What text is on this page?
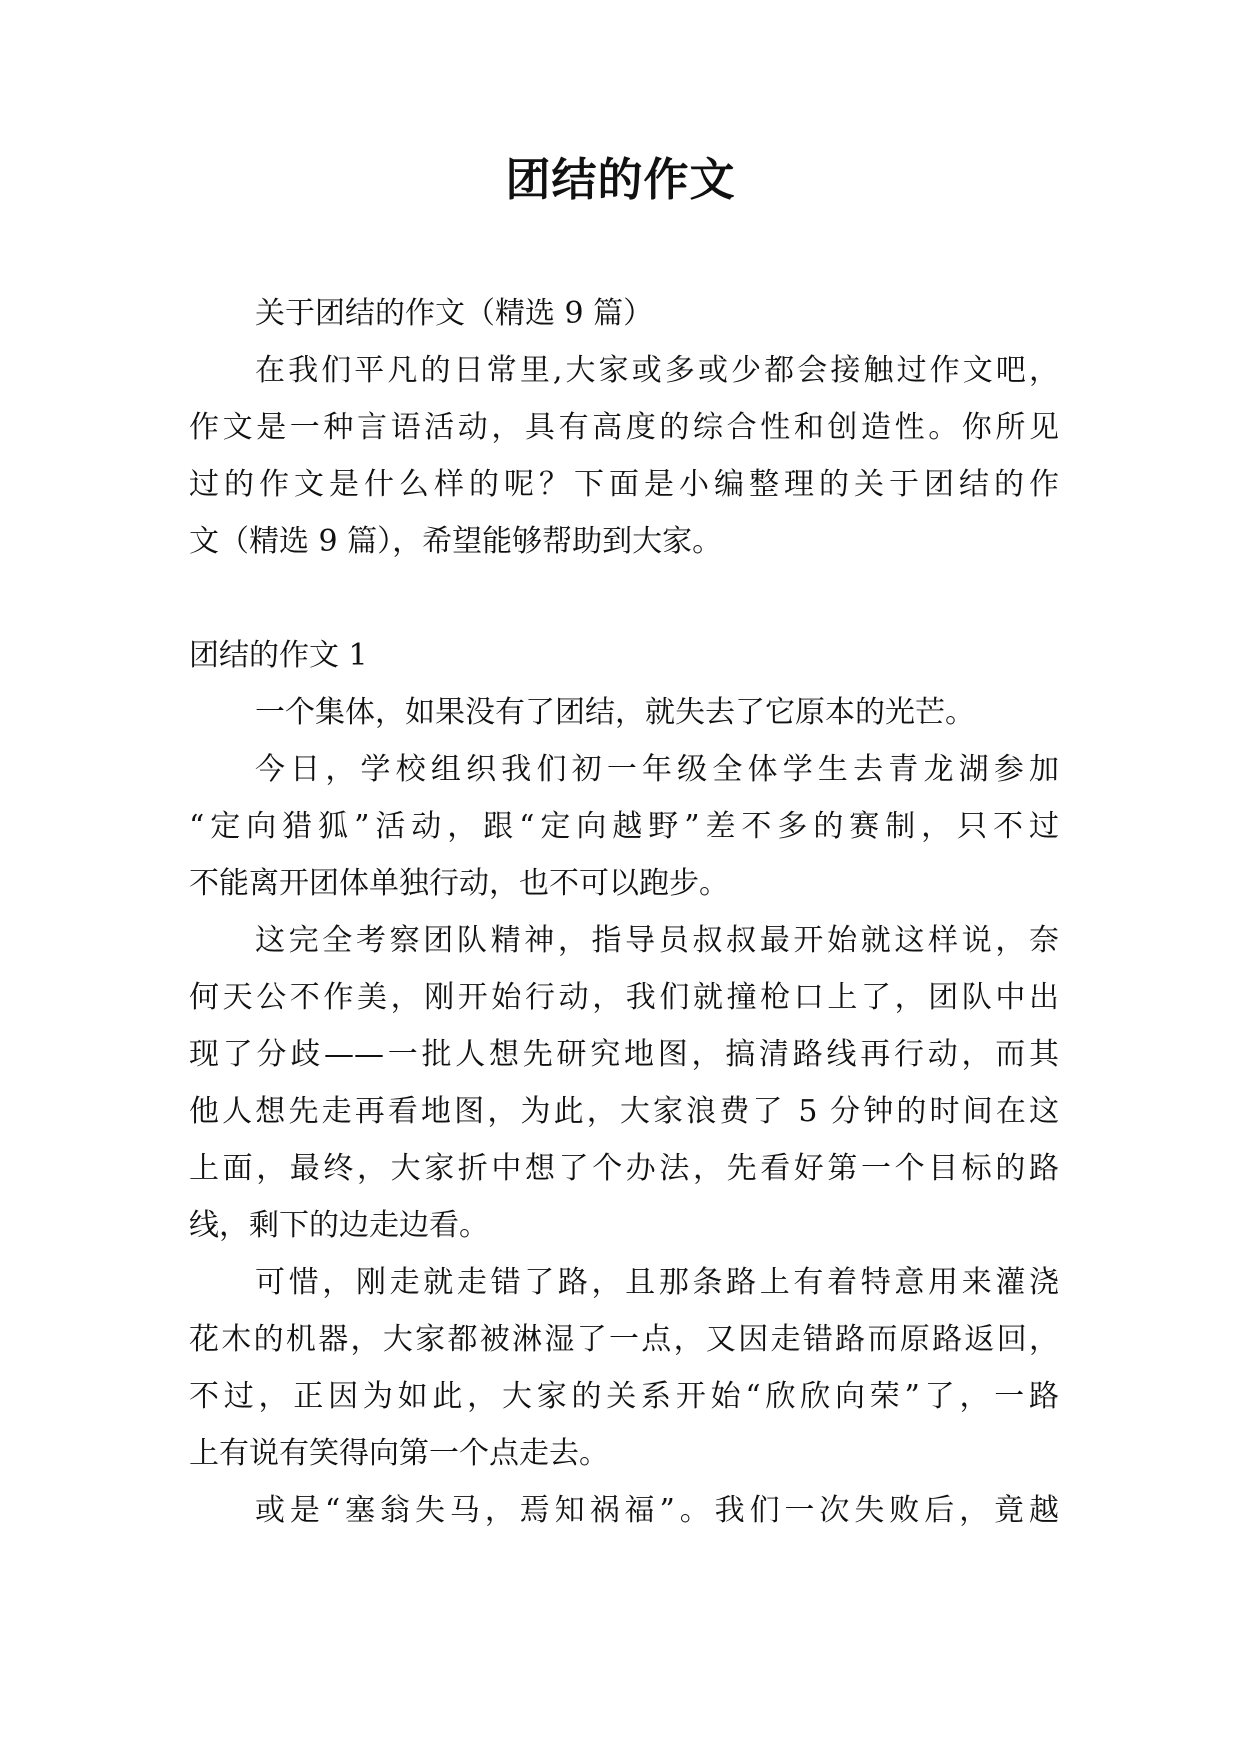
团结的作文
关于团结的作文（精选 9 篇）
在我们平凡的日常里,大家或多或少都会接触过作文吧，
作文是一种言语活动，具有高度的综合性和创造性。你所见
过的作文是什么样的呢？下面是小编整理的关于团结的作
文（精选 9 篇），希望能够帮助到大家。
团结的作文 1
一个集体，如果没有了团结，就失去了它原本的光芒。
今日，学校组织我们初一年级全体学生去青龙湖参加
“定向猎狐”活动，跟“定向越野”差不多的赛制，只不过
不能离开团体单独行动，也不可以跑步。
这完全考察团队精神，指导员叔叔最开始就这样说，奈
何天公不作美，刚开始行动，我们就撞枪口上了，团队中出
现了分歧——一批人想先研究地图，搞清路线再行动，而其
他人想先走再看地图，为此，大家浪费了 5 分钟的时间在这
上面，最终，大家折中想了个办法，先看好第一个目标的路
线，剩下的边走边看。
可惜，刚走就走错了路，且那条路上有着特意用来灌浇
花木的机器，大家都被淋湿了一点，又因走错路而原路返回，
不过，正因为如此，大家的关系开始“欣欣向荣”了，一路
上有说有笑得向第一个点走去。
或是“塞翁失马，焉知祸福”。我们一次失败后，竟越
